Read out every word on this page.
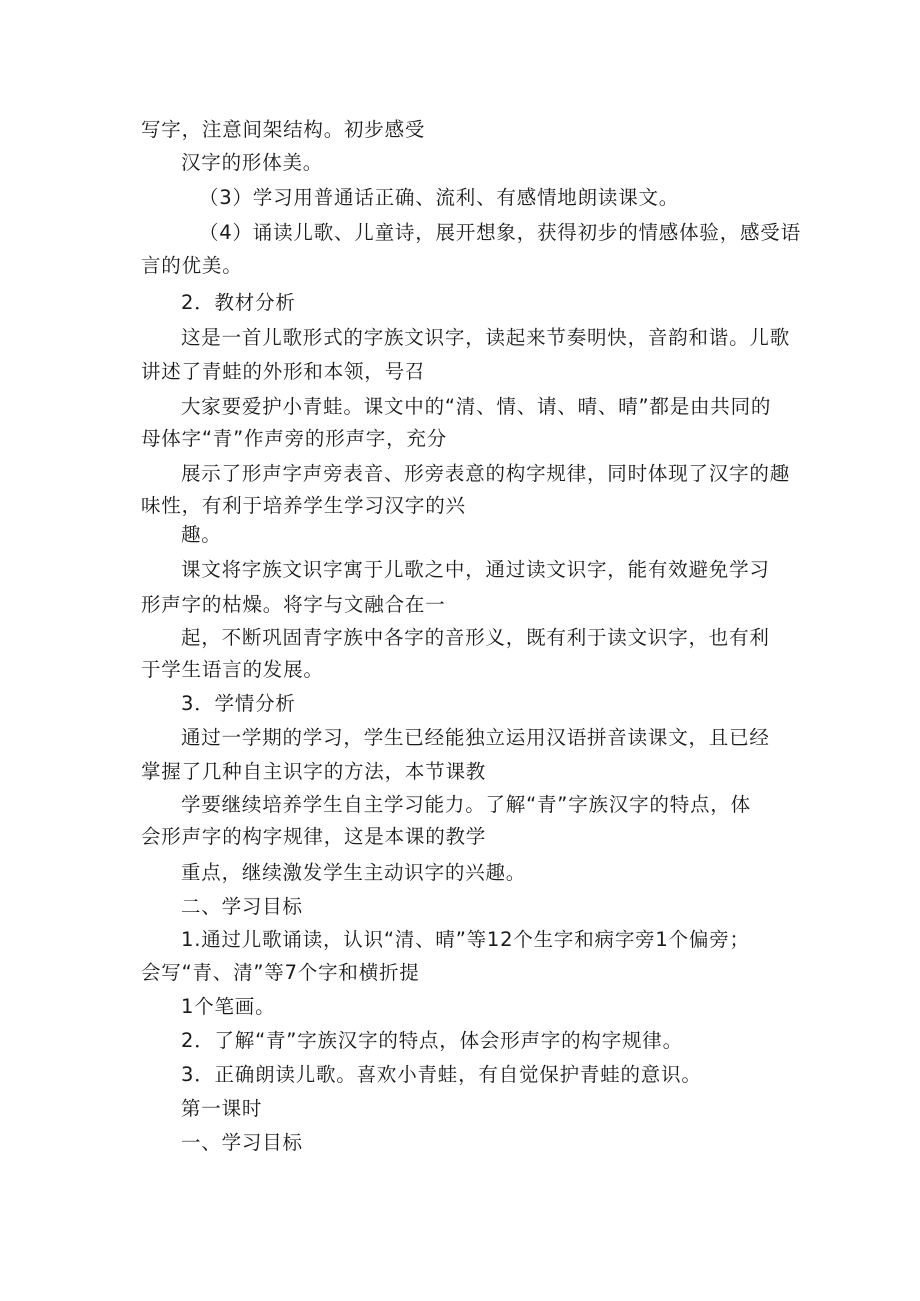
写字，注意间架结构。初步感受

汉字的形体美。

（3）学习用普通话正确、流利、有感情地朗读课文。

（4）诵读儿歌、儿童诗，展开想象，获得初步的情感体验，感受语

言的优美。

2．教材分析

这是一首儿歌形式的字族文识字，读起来节奏明快，音韵和谐。儿歌

讲述了青蛙的外形和本领，号召

大家要爱护小青蛙。课文中的“清、情、请、晴、晴”都是由共同的

母体字“青”作声旁的形声字，充分

展示了形声字声旁表音、形旁表意的构字规律，同时体现了汉字的趣

味性，有利于培养学生学习汉字的兴

趣。

课文将字族文识字寓于儿歌之中，通过读文识字，能有效避免学习

形声字的枯燥。将字与文融合在一

起，不断巩固青字族中各字的音形义，既有利于读文识字，也有利

于学生语言的发展。

3．学情分析

通过一学期的学习，学生已经能独立运用汉语拼音读课文，且已经

掌握了几种自主识字的方法，本节课教

学要继续培养学生自主学习能力。了解“青”字族汉字的特点，体

会形声字的构字规律，这是本课的教学

重点，继续激发学生主动识字的兴趣。

二、学习目标

1.通过儿歌诵读，认识“清、晴”等12个生字和病字旁1个偏旁；

会写“青、清”等7个字和横折提

1个笔画。

2．了解“青”字族汉字的特点，体会形声字的构字规律。

3．正确朗读儿歌。喜欢小青蛙，有自觉保护青蛙的意识。

第一课时

一、学习目标
